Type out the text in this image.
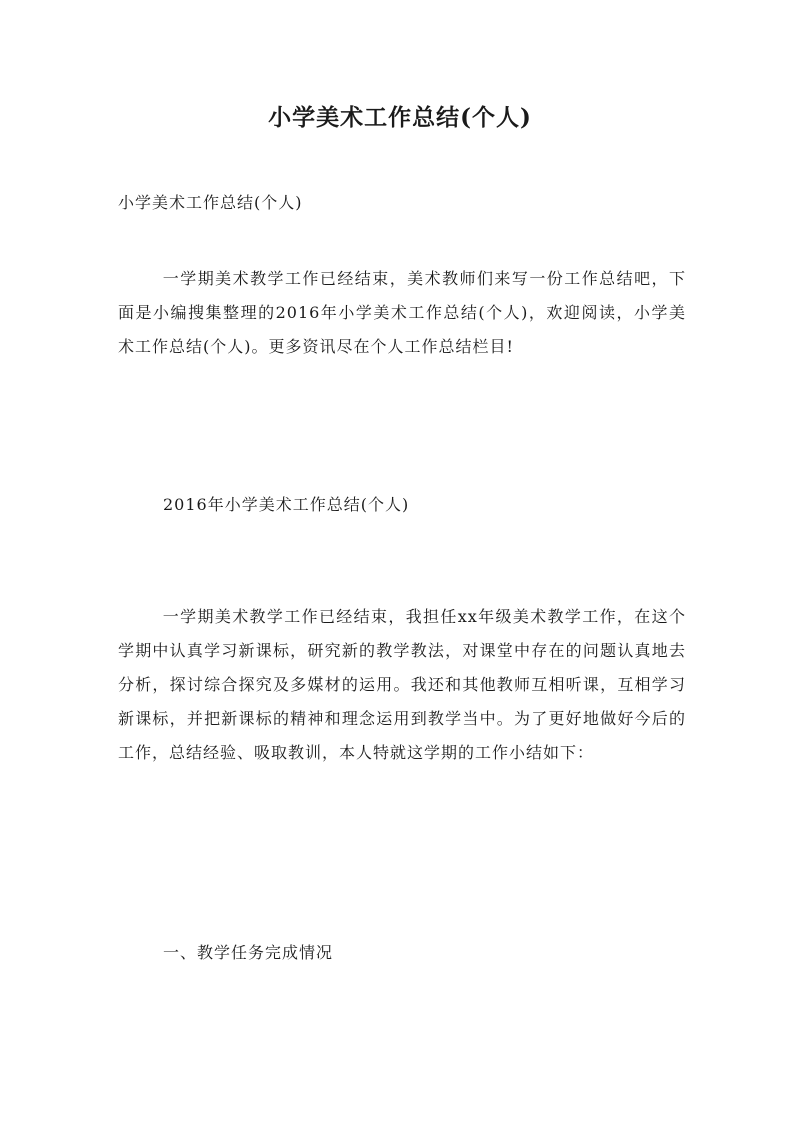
小学美术工作总结(个人)
小学美术工作总结(个人)

一学期美术教学工作已经结束，美术教师们来写一份工作总结吧，下面是小编搜集整理的2016年小学美术工作总结(个人)，欢迎阅读，小学美术工作总结(个人)。更多资讯尽在个人工作总结栏目!

2016年小学美术工作总结(个人)

一学期美术教学工作已经结束，我担任xx年级美术教学工作，在这个学期中认真学习新课标，研究新的教学教法，对课堂中存在的问题认真地去分析，探讨综合探究及多媒材的运用。我还和其他教师互相听课，互相学习新课标，并把新课标的精神和理念运用到教学当中。为了更好地做好今后的工作，总结经验、吸取教训，本人特就这学期的工作小结如下：

一、教学任务完成情况
